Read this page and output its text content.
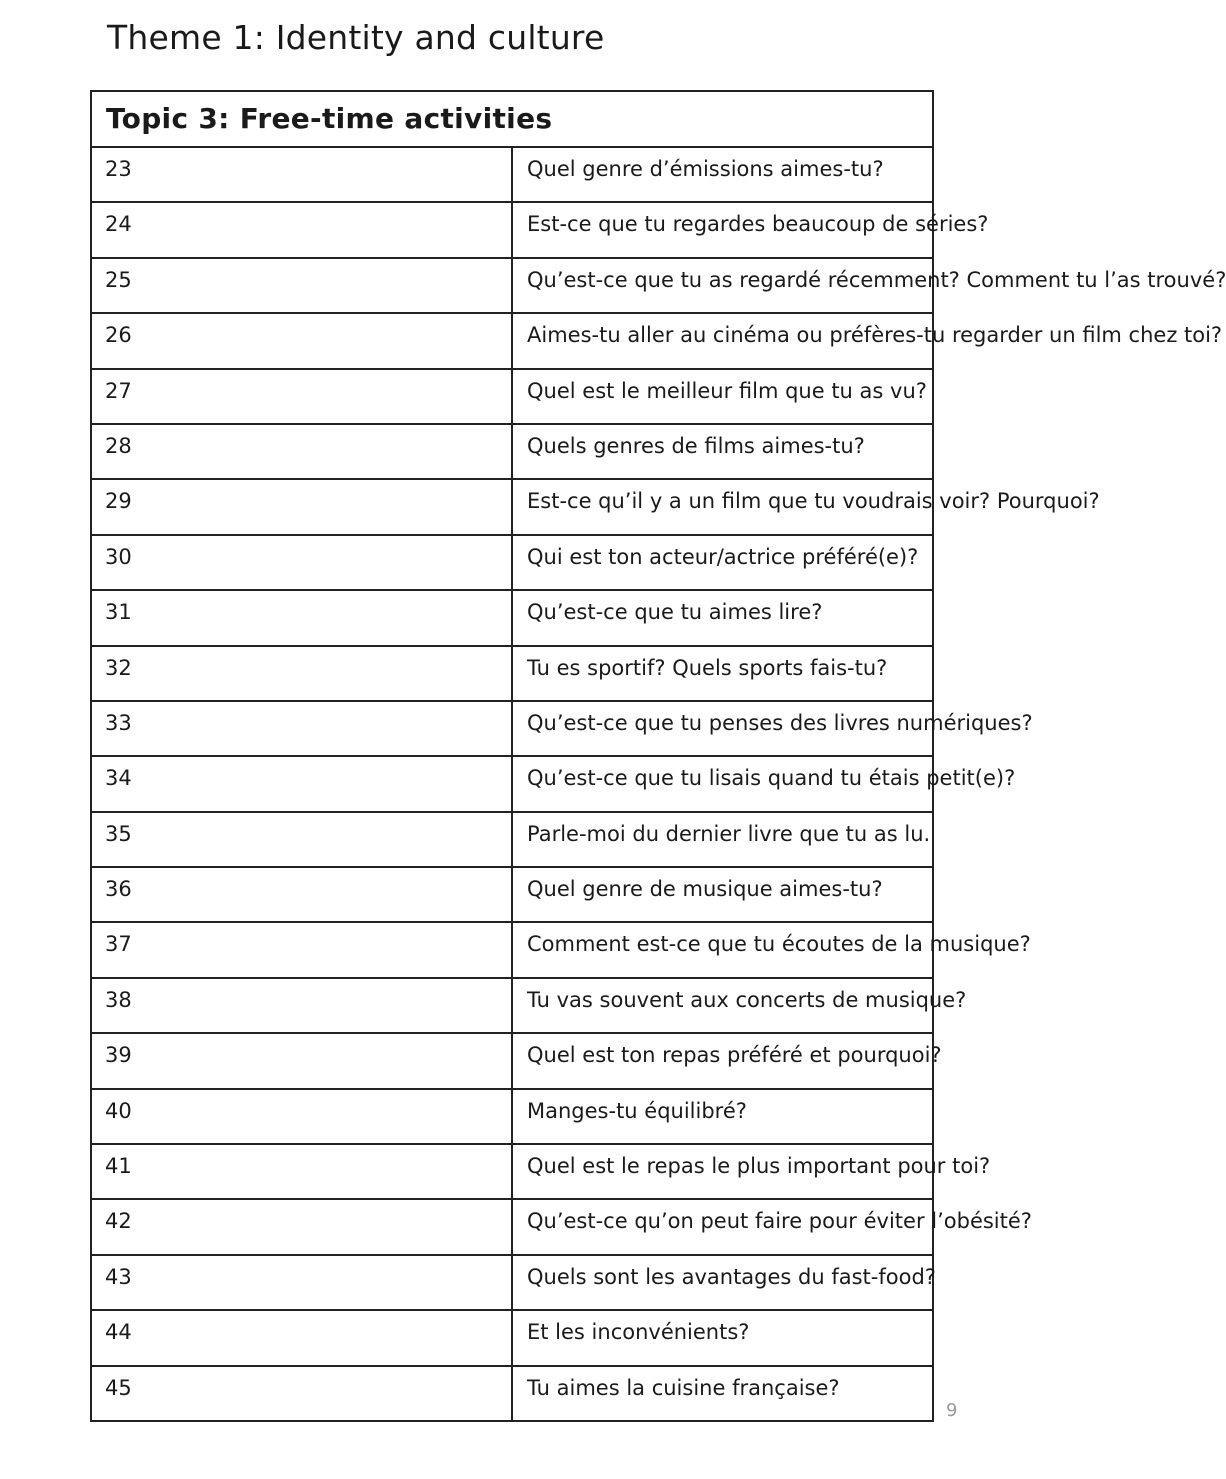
Theme 1: Identity and culture
Topic 3: Free-time activities	
23	Quel genre d’émissions aimes-tu?
24	Est-ce que tu regardes beaucoup de séries?
25	Qu’est-ce que tu as regardé récemment? Comment tu l’as trouvé?
26	Aimes-tu aller au cinéma ou préfères-tu regarder un film chez toi?
27	Quel est le meilleur film que tu as vu?
28	Quels genres de films aimes-tu?
29	Est-ce qu’il y a un film que tu voudrais voir? Pourquoi?
30	Qui est ton acteur/actrice préféré(e)?
31	Qu’est-ce que tu aimes lire?
32	Tu es sportif? Quels sports fais-tu?
33	Qu’est-ce que tu penses des livres numériques?
34	Qu’est-ce que tu lisais quand tu étais petit(e)?
35	Parle-moi du dernier livre que tu as lu.
36	Quel genre de musique aimes-tu?
37	Comment est-ce que tu écoutes de la musique?
38	Tu vas souvent aux concerts de musique?
39	Quel est ton repas préféré et pourquoi?
40	Manges-tu équilibré?
41	Quel est le repas le plus important pour toi?
42	Qu’est-ce qu’on peut faire pour éviter l’obésité?
43	Quels sont les avantages du fast-food?
44	Et les inconvénients?
45	Tu aimes la cuisine française?
9
